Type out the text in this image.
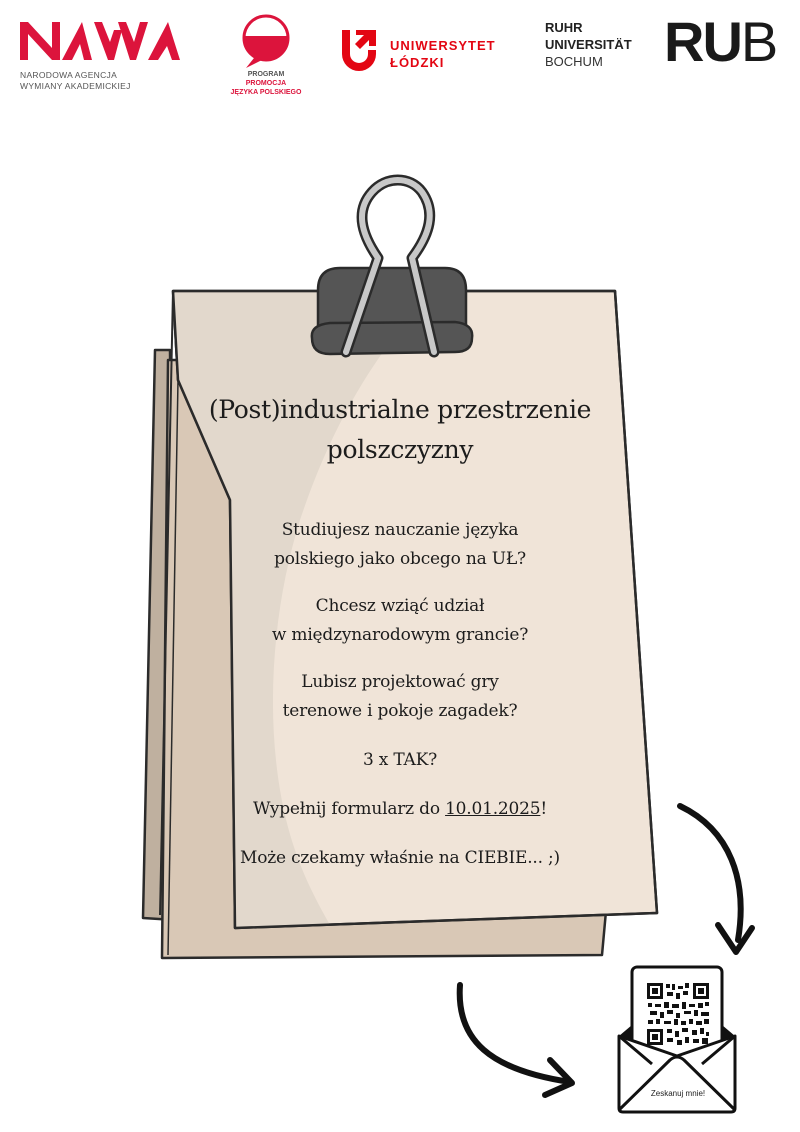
NARODOWA AGENCJA
WYMIANY AKADEMICKIEJ
PROGRAM
PROMOCJA
JĘZYKA POLSKIEGO
UNIWERSYTET
ŁÓDZKI
RUHR
UNIVERSITÄT
BOCHUM	RUB
(Post)industrialne przestrzenie
polszczyzny

Studiujesz nauczanie języka
polskiego jako obcego na UŁ?

Chcesz wziąć udział
w międzynarodowym grancie?

Lubisz projektować gry
terenowe i pokoje zagadek?

3 x TAK?

Wypełnij formularz do 10.01.2025!

Może czekamy właśnie na CIEBIE... ;)

Zeskanuj mnie!
